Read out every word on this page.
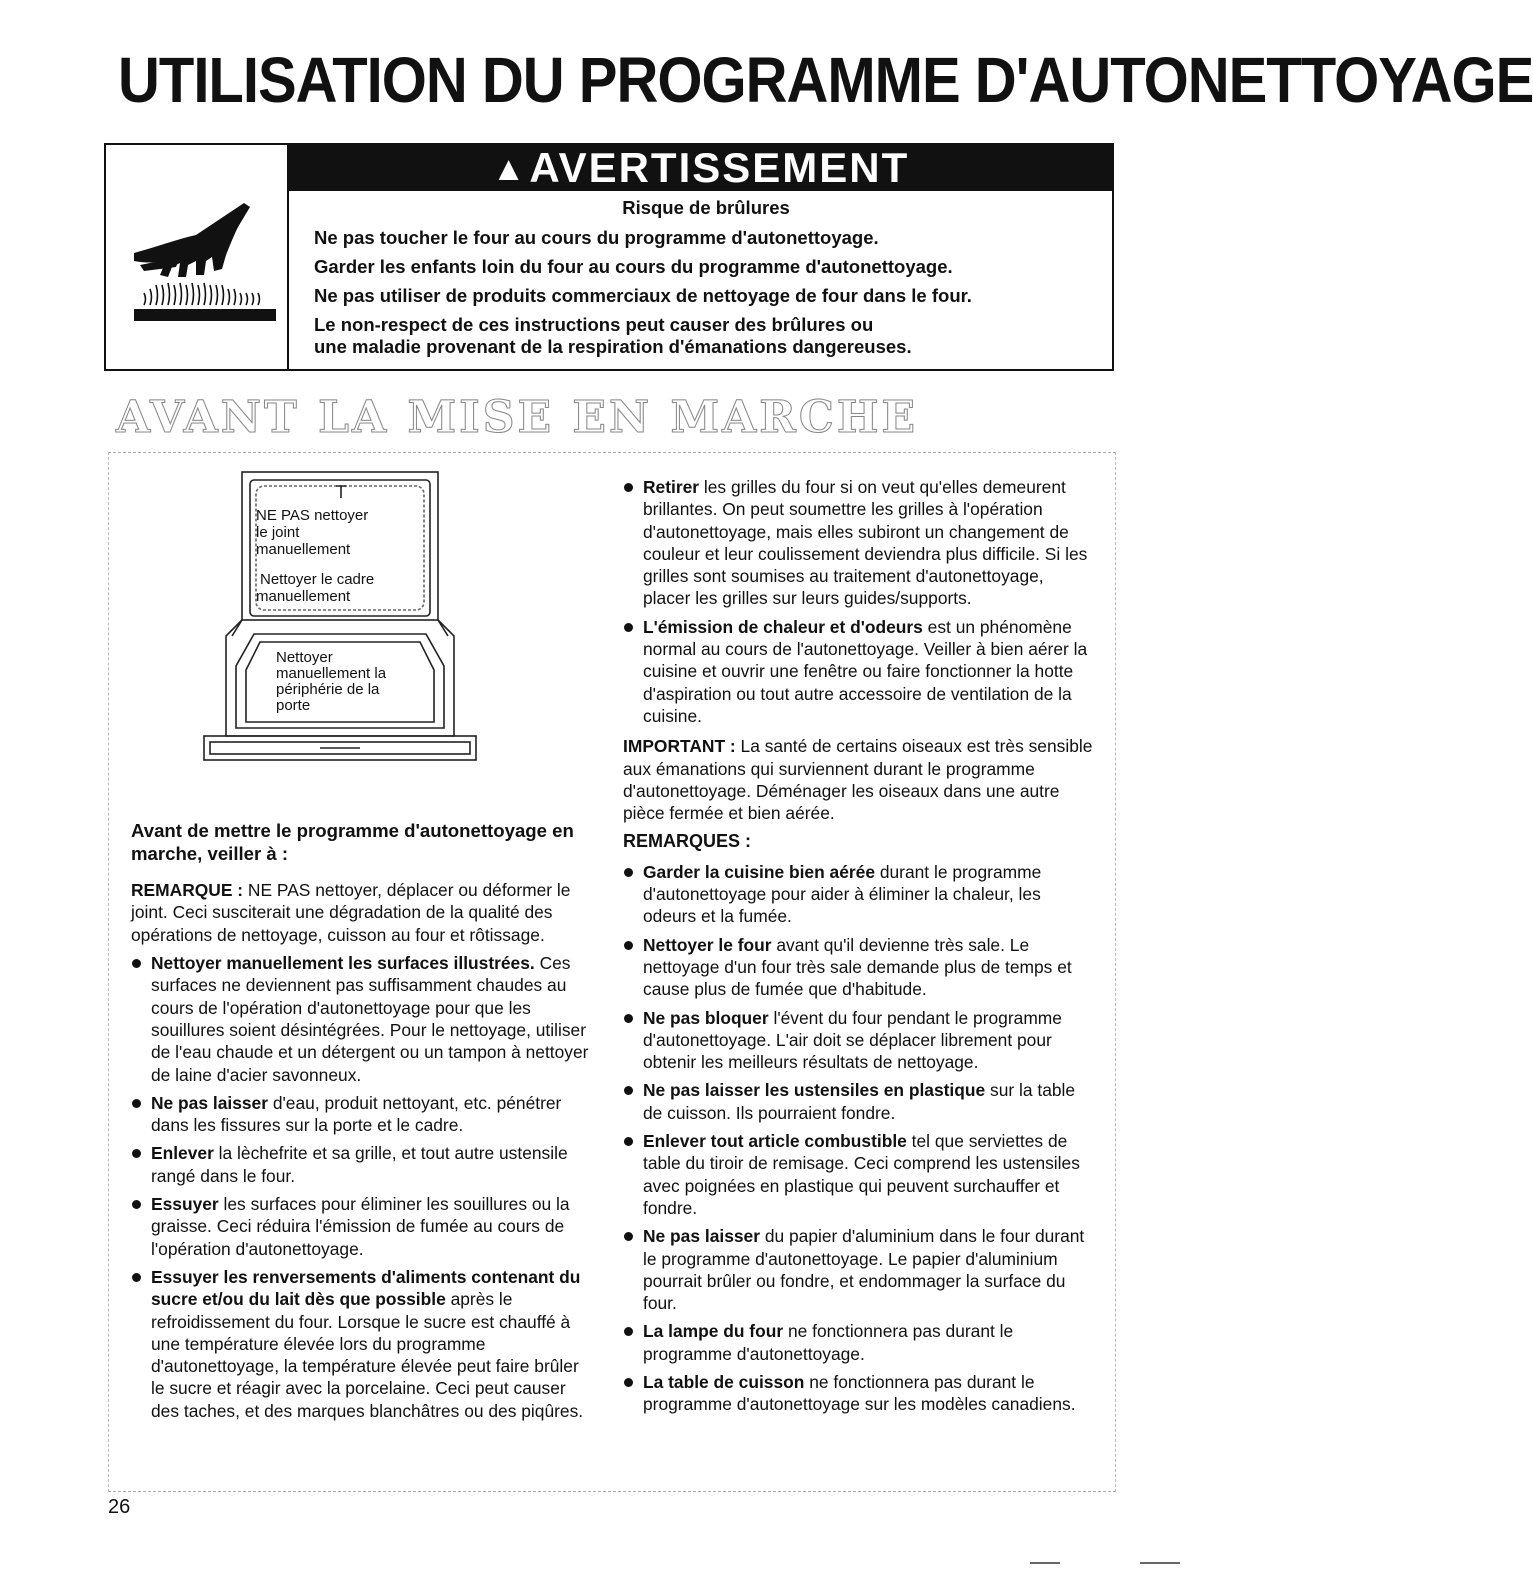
UTILISATION DU PROGRAMME D'AUTONETTOYAGE
▲AVERTISSEMENT
Risque de brûlures
Ne pas toucher le four au cours du programme d'autonettoyage.
Garder les enfants loin du four au cours du programme d'autonettoyage.
Ne pas utiliser de produits commerciaux de nettoyage de four dans le four.
Le non-respect de ces instructions peut causer des brûlures ou
une maladie provenant de la respiration d'émanations dangereuses.
AVANT LA MISE EN MARCHE
NE PAS nettoyer
le joint
manuellement
Nettoyer le cadre
manuellement
Nettoyer
manuellement la
périphérie de la
porte
Avant de mettre le programme d'autonettoyage en marche, veiller à :
REMARQUE : NE PAS nettoyer, déplacer ou déformer le joint. Ceci susciterait une dégradation de la qualité des opérations de nettoyage, cuisson au four et rôtissage.
Nettoyer manuellement les surfaces illustrées. Ces surfaces ne deviennent pas suffisamment chaudes au cours de l'opération d'autonettoyage pour que les souillures soient désintégrées. Pour le nettoyage, utiliser de l'eau chaude et un détergent ou un tampon à nettoyer de laine d'acier savonneux.
Ne pas laisser d'eau, produit nettoyant, etc. pénétrer dans les fissures sur la porte et le cadre.
Enlever la lèchefrite et sa grille, et tout autre ustensile rangé dans le four.
Essuyer les surfaces pour éliminer les souillures ou la graisse. Ceci réduira l'émission de fumée au cours de l'opération d'autonettoyage.
Essuyer les renversements d'aliments contenant du sucre et/ou du lait dès que possible après le refroidissement du four. Lorsque le sucre est chauffé à une température élevée lors du programme d'autonettoyage, la température élevée peut faire brûler le sucre et réagir avec la porcelaine. Ceci peut causer des taches, et des marques blanchâtres ou des piqûres.
Retirer les grilles du four si on veut qu'elles demeurent brillantes. On peut soumettre les grilles à l'opération d'autonettoyage, mais elles subiront un changement de couleur et leur coulissement deviendra plus difficile. Si les grilles sont soumises au traitement d'autonettoyage, placer les grilles sur leurs guides/supports.
L'émission de chaleur et d'odeurs est un phénomène normal au cours de l'autonettoyage. Veiller à bien aérer la cuisine et ouvrir une fenêtre ou faire fonctionner la hotte d'aspiration ou tout autre accessoire de ventilation de la cuisine.
IMPORTANT : La santé de certains oiseaux est très sensible aux émanations qui surviennent durant le programme d'autonettoyage. Déménager les oiseaux dans une autre pièce fermée et bien aérée.
REMARQUES :
Garder la cuisine bien aérée durant le programme d'autonettoyage pour aider à éliminer la chaleur, les odeurs et la fumée.
Nettoyer le four avant qu'il devienne très sale. Le nettoyage d'un four très sale demande plus de temps et cause plus de fumée que d'habitude.
Ne pas bloquer l'évent du four pendant le programme d'autonettoyage. L'air doit se déplacer librement pour obtenir les meilleurs résultats de nettoyage.
Ne pas laisser les ustensiles en plastique sur la table de cuisson. Ils pourraient fondre.
Enlever tout article combustible tel que serviettes de table du tiroir de remisage. Ceci comprend les ustensiles avec poignées en plastique qui peuvent surchauffer et fondre.
Ne pas laisser du papier d'aluminium dans le four durant le programme d'autonettoyage. Le papier d'aluminium pourrait brûler ou fondre, et endommager la surface du four.
La lampe du four ne fonctionnera pas durant le programme d'autonettoyage.
La table de cuisson ne fonctionnera pas durant le programme d'autonettoyage sur les modèles canadiens.
26
